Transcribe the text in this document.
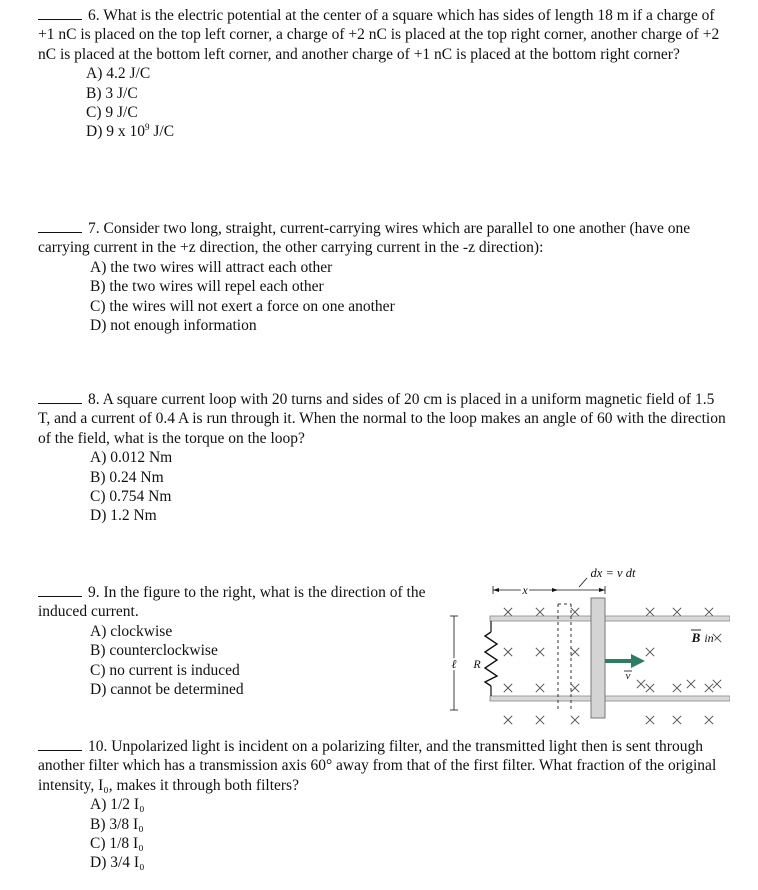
6. What is the electric potential at the center of a square which has sides of length 18 m if a charge of +1 nC is placed on the top left corner, a charge of +2 nC is placed at the top right corner, another charge of +2 nC is placed at the bottom left corner, and another charge of +1 nC is placed at the bottom right corner?

A) 4.2 J/C
B) 3 J/C
C) 9 J/C
D) 9 x $10^9$ J/C

7. Consider two long, straight, current-carrying wires which are parallel to one another (have one carrying current in the +z direction, the other carrying current in the -z direction):

A) the two wires will attract each other
B) the two wires will repel each other
C) the wires will not exert a force on one another
D) not enough information

8. A square current loop with 20 turns and sides of 20 cm is placed in a uniform magnetic field of 1.5 T, and a current of 0.4 A is run through it. When the normal to the loop makes an angle of 60 with the direction of the field, what is the torque on the loop?

A) 0.012 Nm
B) 0.24 Nm
C) 0.754 Nm
D) 1.2 Nm

9. In the figure to the right, what is the direction of the induced current.

A) clockwise
B) counterclockwise
C) no current is induced
D) cannot be determined
x
dx = v dt
ℓ R
B in
v

10. Unpolarized light is incident on a polarizing filter, and the transmitted light then is sent through another filter which has a transmission axis 60° away from that of the first filter. What fraction of the original intensity, I₀, makes it through both filters?

A) 1/2 I₀
B) 3/8 I₀
C) 1/8 I₀
D) 3/4 I₀
